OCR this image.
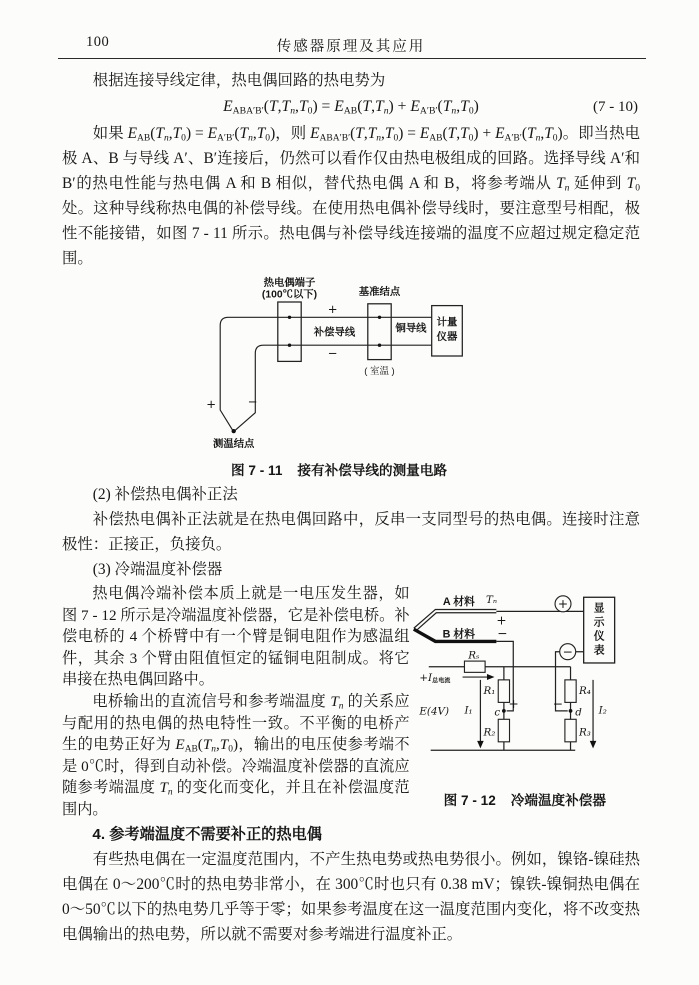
100	传感器原理及其应用

根据连接导线定律，热电偶回路的热电势为

$E_{ABA'B'}(T,T_n,T_0) = E_{AB}(T,T_n) + E_{A'B'}(T_n,T_0)$	(7 - 10)

如果 $E_{AB}(T_n,T_0) = E_{A'B'}(T_n,T_0)$，则 $E_{ABA'B'}(T,T_n,T_0) = E_{AB}(T,T_0) + E_{A'B'}(T_n,T_0)$。即当热电极 A、B 与导线 A′、B′连接后，仍然可以看作仅由热电极组成的回路。选择导线 A′和 B′的热电性能与热电偶 A 和 B 相似，替代热电偶 A 和 B，将参考端从 $T_n$ 延伸到 $T_0$ 处。这种导线称热电偶的补偿导线。在使用热电偶补偿导线时，要注意型号相配，极性不能接错，如图 7 - 11 所示。热电偶与补偿导线连接端的温度不应超过规定稳定范围。

热电偶端子
(100℃以下)	基准结点
+
补偿导线
−
铜导线
计量
仪器
( 室温 )
+ −
测温结点
图 7 - 11 接有补偿导线的测量电路

(2) 补偿热电偶补正法

补偿热电偶补正法就是在热电偶回路中，反串一支同型号的热电偶。连接时注意极性：正接正，负接负。

(3) 冷端温度补偿器

热电偶冷端补偿本质上就是一电压发生器，如图 7 - 12 所示是冷端温度补偿器，它是补偿电桥。补偿电桥的 4 个桥臂中有一个臂是铜电阻作为感温组件，其余 3 个臂由阻值恒定的锰铜电阻制成。将它串接在热电偶回路中。

电桥输出的直流信号和参考端温度 $T_n$ 的关系应与配用的热电偶的热电特性一致。不平衡的电桥产生的电势正好为 $E_{AB}(T_n,T_0)$，输出的电压使参考端不是 0℃时，得到自动补偿。冷端温度补偿器的直流应随参考端温度 $T_n$ 的变化而变化，并且在补偿温度范围内。

+
−
显示仪表
A 材料 Tₙ
+
B 材料 −
Rₛ
+I总电流
E(4V) I₁	I₂
R₁
R₂
R₄
R₃
c
+
d
−
图 7 - 12 冷端温度补偿器

4. 参考端温度不需要补正的热电偶

有些热电偶在一定温度范围内，不产生热电势或热电势很小。例如，镍铬-镍硅热电偶在 0～200℃时的热电势非常小，在 300℃时也只有 0.38 mV；镍铁-镍铜热电偶在 0～50℃以下的热电势几乎等于零；如果参考温度在这一温度范围内变化，将不改变热电偶输出的热电势，所以就不需要对参考端进行温度补正。
